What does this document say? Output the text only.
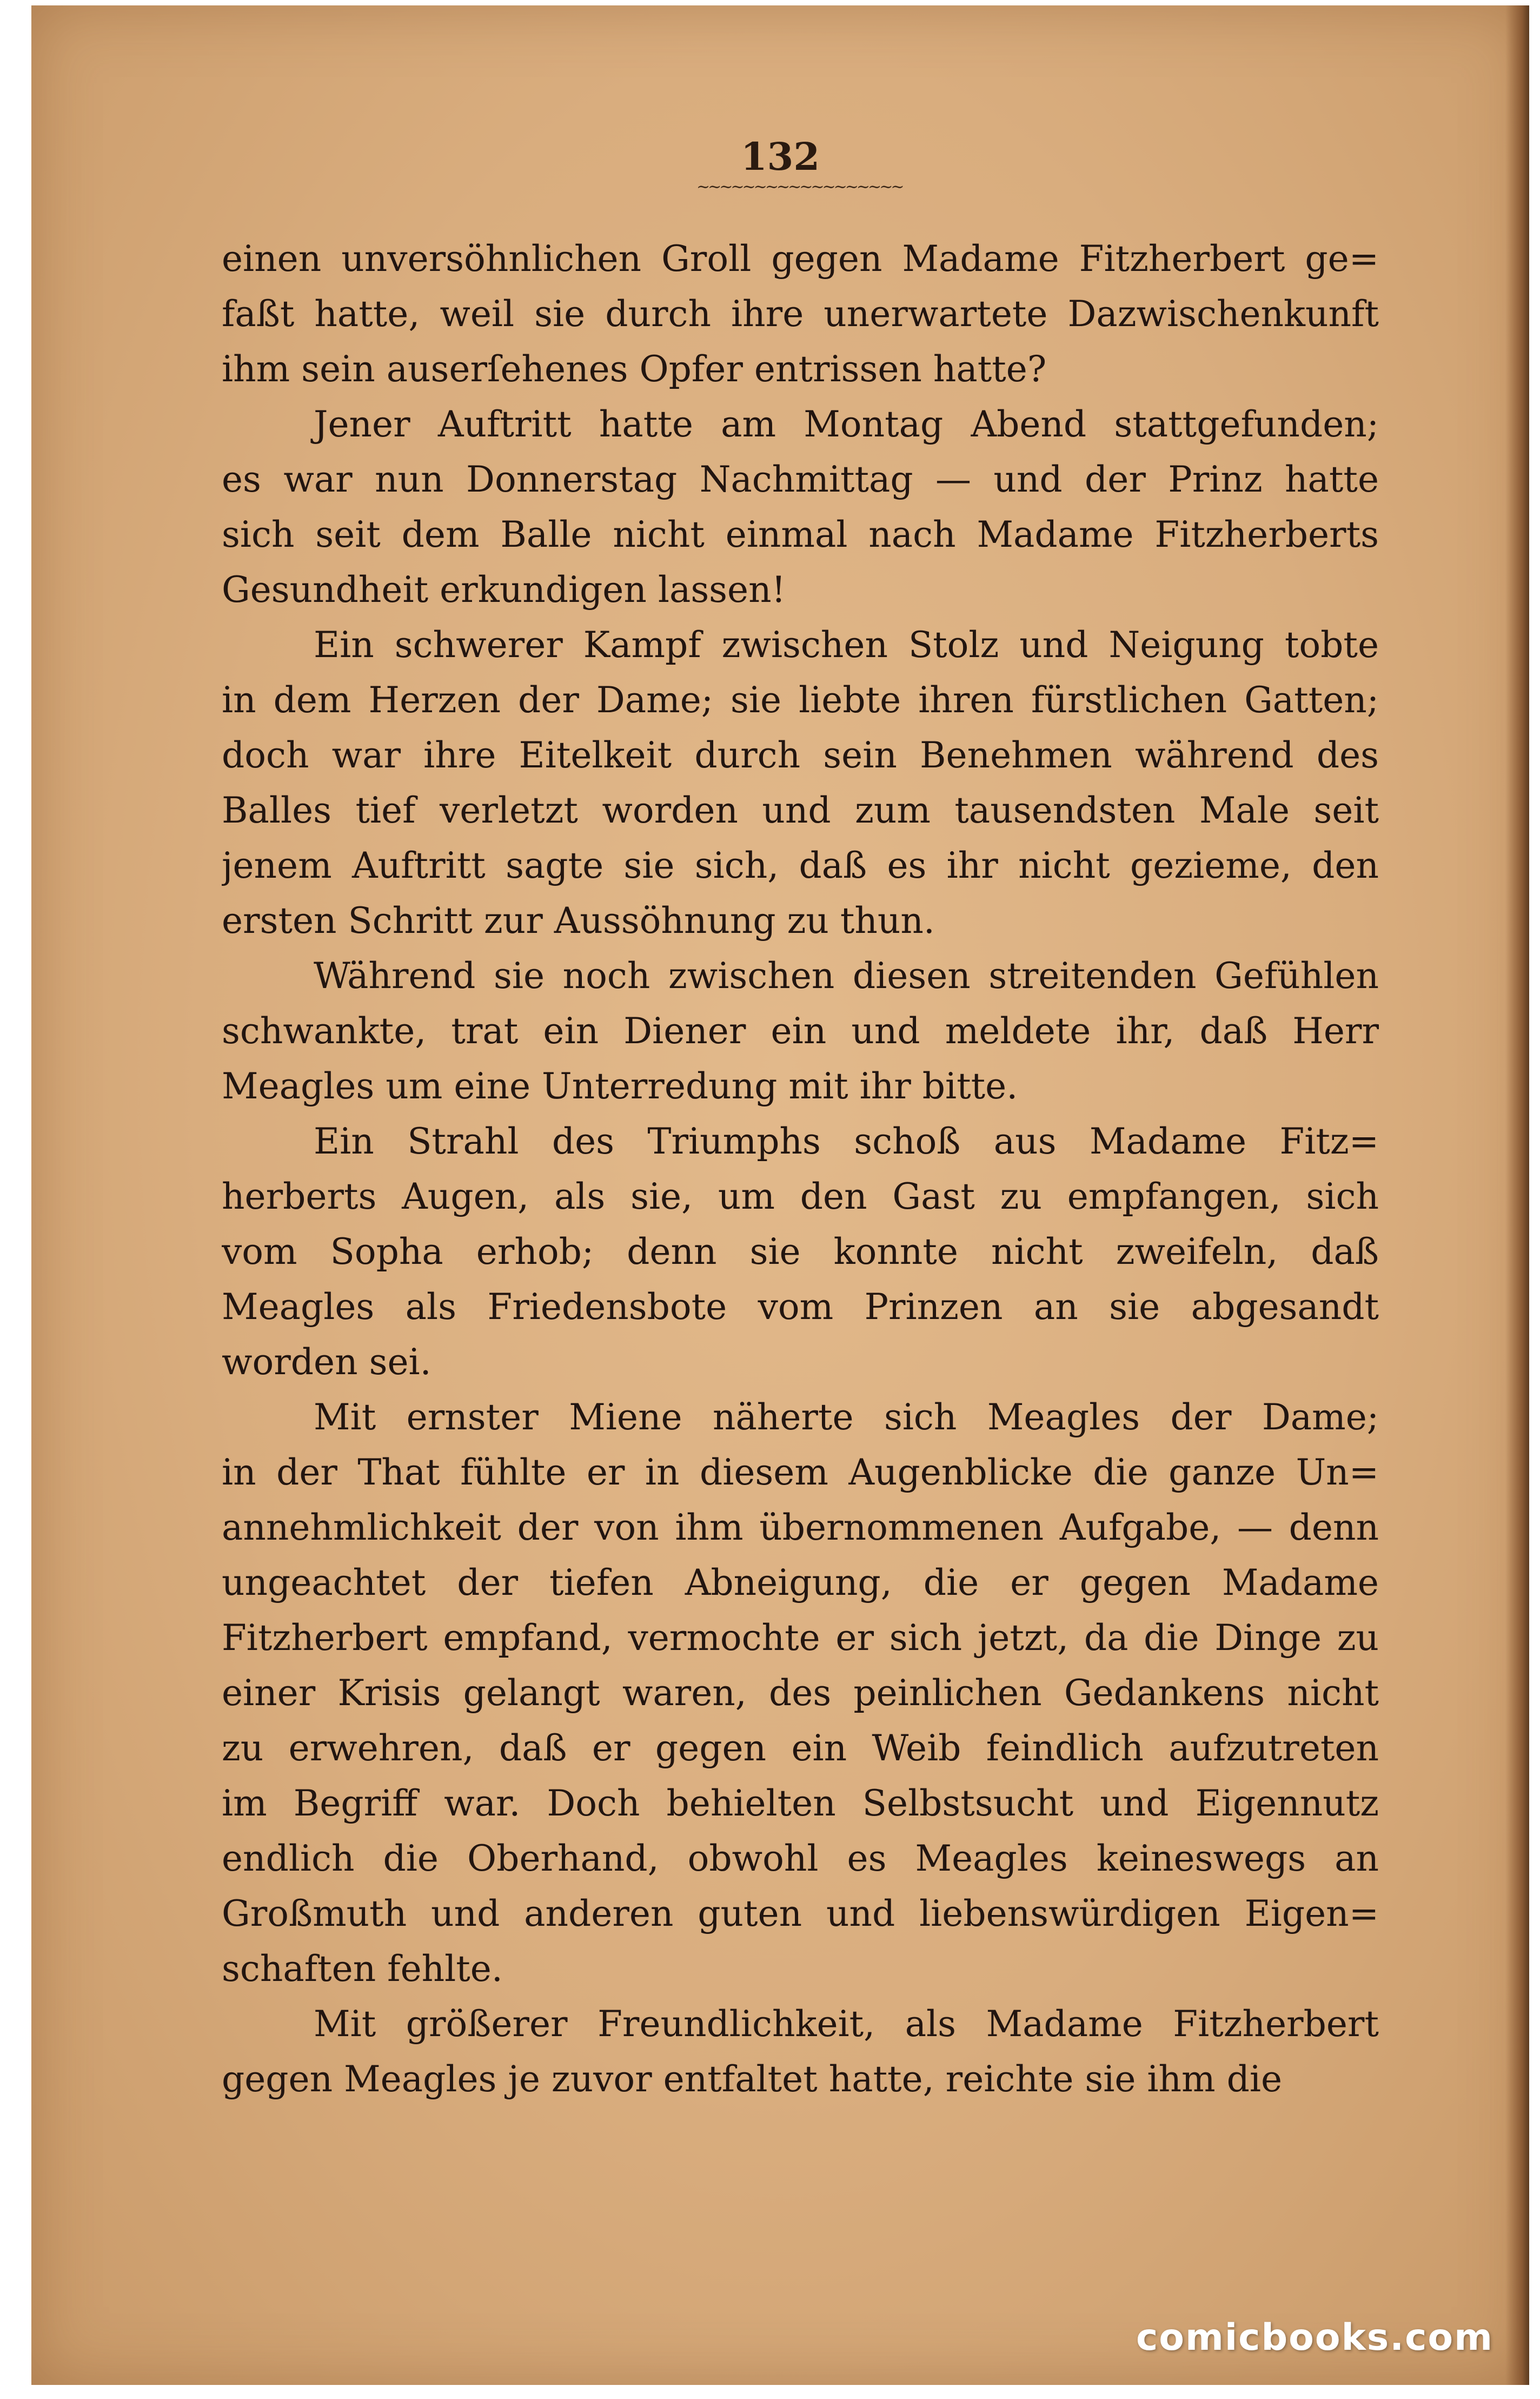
132
~~~~~~~~~~~~~~~~~~
einen unversöhnlichen Groll gegen Madame Fitzherbert ge=
faßt hatte, weil sie durch ihre unerwartete Dazwischenkunft
ihm sein auserſehenes Opfer entrissen hatte?
Jener Auftritt hatte am Montag Abend stattgefunden;
es war nun Donnerstag Nachmittag — und der Prinz hatte
sich seit dem Balle nicht einmal nach Madame Fitzherberts
Gesundheit erkundigen lassen!
Ein schwerer Kampf zwischen Stolz und Neigung tobte
in dem Herzen der Dame; sie liebte ihren fürstlichen Gatten;
doch war ihre Eitelkeit durch sein Benehmen während des
Balles tief verletzt worden und zum tausendsten Male seit
jenem Auftritt sagte sie sich, daß es ihr nicht gezieme, den
ersten Schritt zur Aussöhnung zu thun.
Während sie noch zwischen diesen streitenden Gefühlen
schwankte, trat ein Diener ein und meldete ihr, daß Herr
Meagles um eine Unterredung mit ihr bitte.
Ein Strahl des Triumphs schoß aus Madame Fitz=
herberts Augen, als sie, um den Gast zu empfangen, sich
vom Sopha erhob; denn sie konnte nicht zweifeln, daß
Meagles als Friedensbote vom Prinzen an sie abgesandt
worden sei.
Mit ernster Miene näherte sich Meagles der Dame;
in der That fühlte er in diesem Augenblicke die ganze Un=
annehmlichkeit der von ihm übernommenen Aufgabe, — denn
ungeachtet der tiefen Abneigung, die er gegen Madame
Fitzherbert empfand, vermochte er sich jetzt, da die Dinge zu
einer Krisis gelangt waren, des peinlichen Gedankens nicht
zu erwehren, daß er gegen ein Weib feindlich aufzutreten
im Begriff war. Doch behielten Selbstsucht und Eigennutz
endlich die Oberhand, obwohl es Meagles keineswegs an
Großmuth und anderen guten und liebenswürdigen Eigen=
schaften fehlte.
Mit größerer Freundlichkeit, als Madame Fitzherbert
gegen Meagles je zuvor entfaltet hatte, reichte sie ihm die
comicbooks.com
